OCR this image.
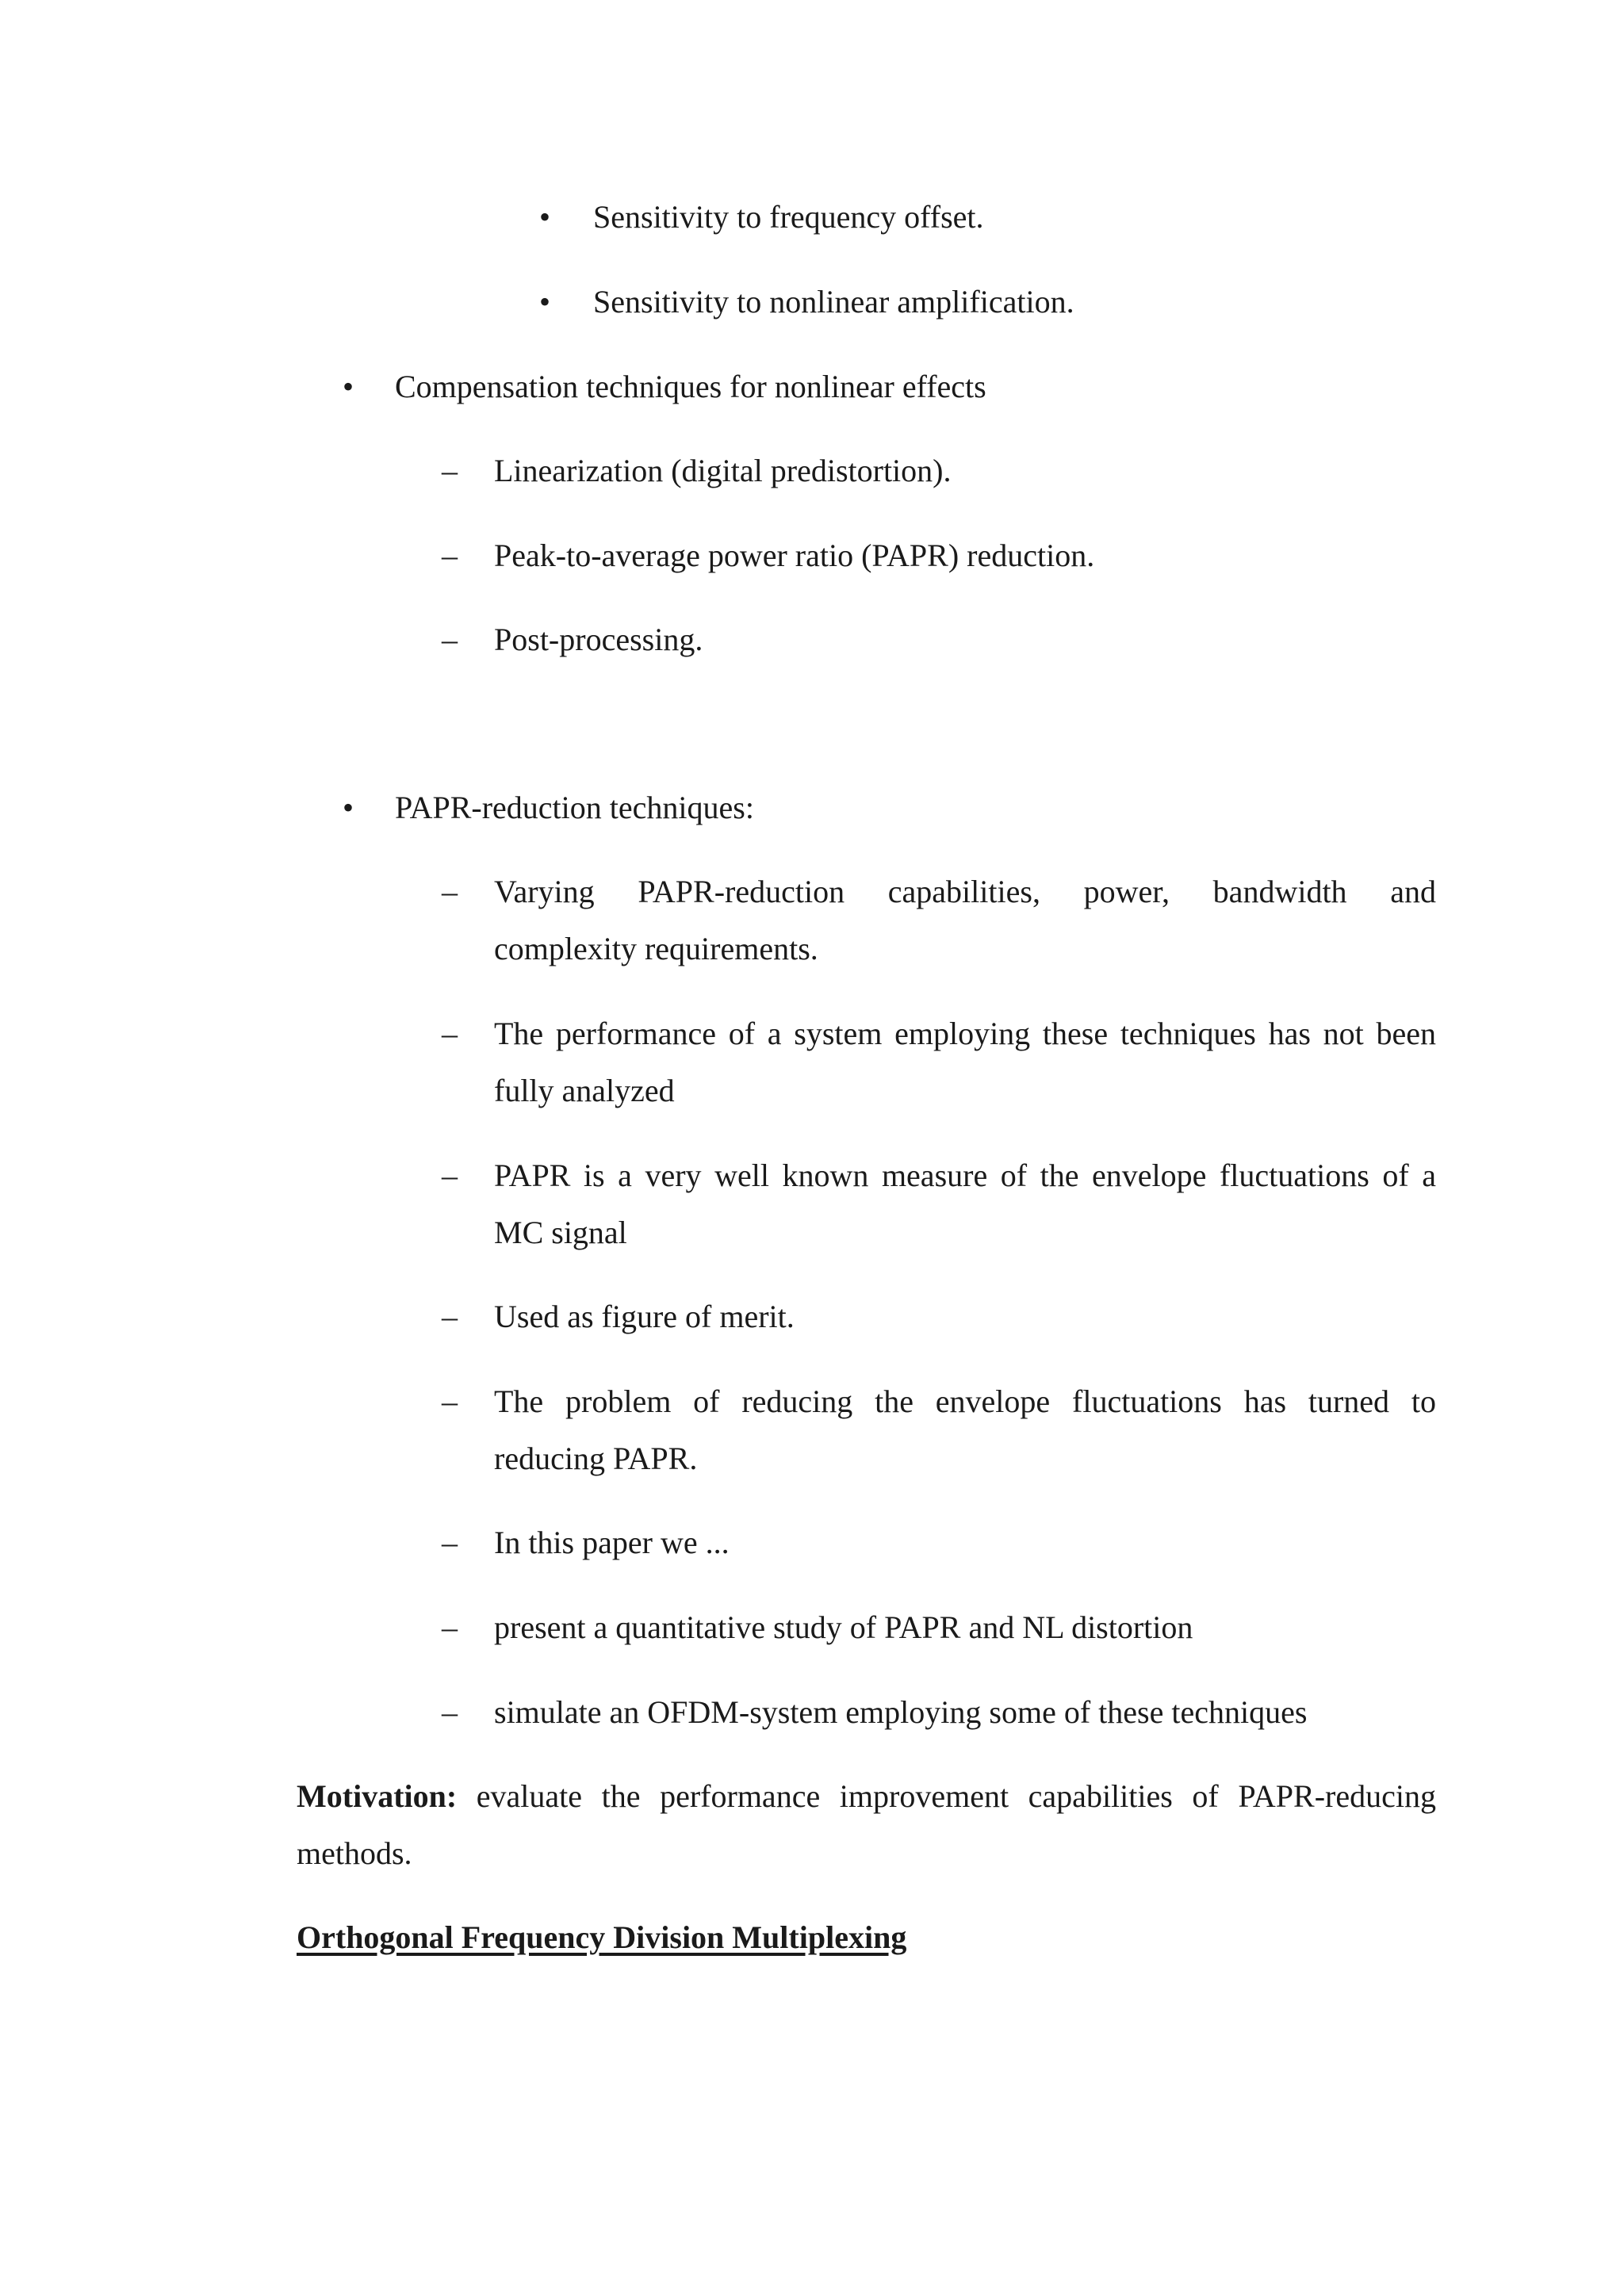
• Sensitivity to frequency offset.
• Sensitivity to nonlinear amplification.
• Compensation techniques for nonlinear effects
– Linearization (digital predistortion).
– Peak-to-average power ratio (PAPR) reduction.
– Post-processing.
• PAPR-reduction techniques:
– Varying PAPR-reduction capabilities, power, bandwidth and
complexity requirements.
– The performance of a system employing these techniques has not been
fully analyzed
– PAPR is a very well known measure of the envelope fluctuations of a
MC signal
– Used as figure of merit.
– The problem of reducing the envelope fluctuations has turned to
reducing PAPR.
– In this paper we ...
– present a quantitative study of PAPR and NL distortion
– simulate an OFDM-system employing some of these techniques
Motivation: evaluate the performance improvement capabilities of PAPR-reducing
methods.
Orthogonal Frequency Division Multiplexing
